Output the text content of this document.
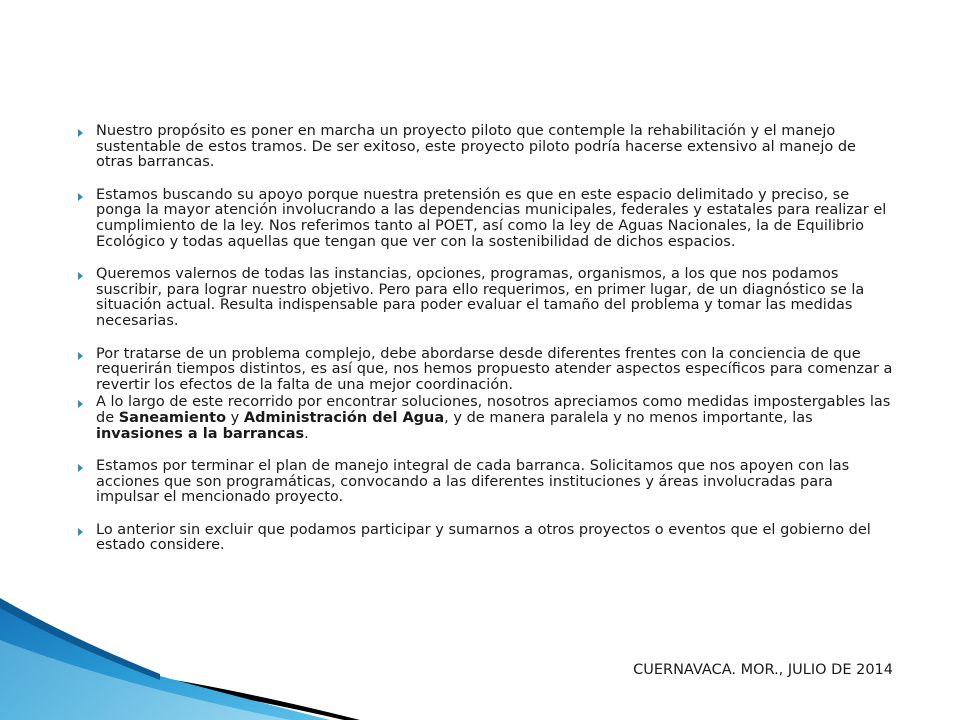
Nuestro propósito es poner en marcha un proyecto piloto que contemple la rehabilitación y el manejo sustentable de estos tramos. De ser exitoso, este proyecto piloto podría hacerse extensivo al manejo de otras barrancas.
Estamos buscando su apoyo porque nuestra pretensión es que en este espacio delimitado y preciso, se ponga la mayor atención involucrando a las dependencias municipales, federales y estatales para realizar el cumplimiento de la ley. Nos referimos tanto al POET, así como la ley de Aguas Nacionales, la de Equilibrio Ecológico y todas aquellas que tengan que ver con la sostenibilidad de dichos espacios.
Queremos valernos de todas las instancias, opciones, programas, organismos, a los que nos podamos suscribir, para lograr nuestro objetivo. Pero para ello requerimos, en primer lugar, de un diagnóstico se la situación actual. Resulta indispensable para poder evaluar el tamaño del problema y tomar las medidas necesarias.
Por tratarse de un problema complejo, debe abordarse desde diferentes frentes con la conciencia de que requerirán tiempos distintos, es así que, nos hemos propuesto atender aspectos específicos para comenzar a revertir los efectos de la falta de una mejor coordinación.
A lo largo de este recorrido por encontrar soluciones, nosotros apreciamos como medidas impostergables las de Saneamiento y Administración del Agua, y de manera paralela y no menos importante, las invasiones a la barrancas.
Estamos por terminar el plan de manejo integral de cada barranca. Solicitamos que nos apoyen con las acciones que son programáticas, convocando a las diferentes instituciones y áreas involucradas para impulsar el mencionado proyecto.
Lo anterior sin excluir que podamos participar y sumarnos a otros proyectos o eventos que el gobierno del estado considere.
CUERNAVACA. MOR., JULIO DE 2014
